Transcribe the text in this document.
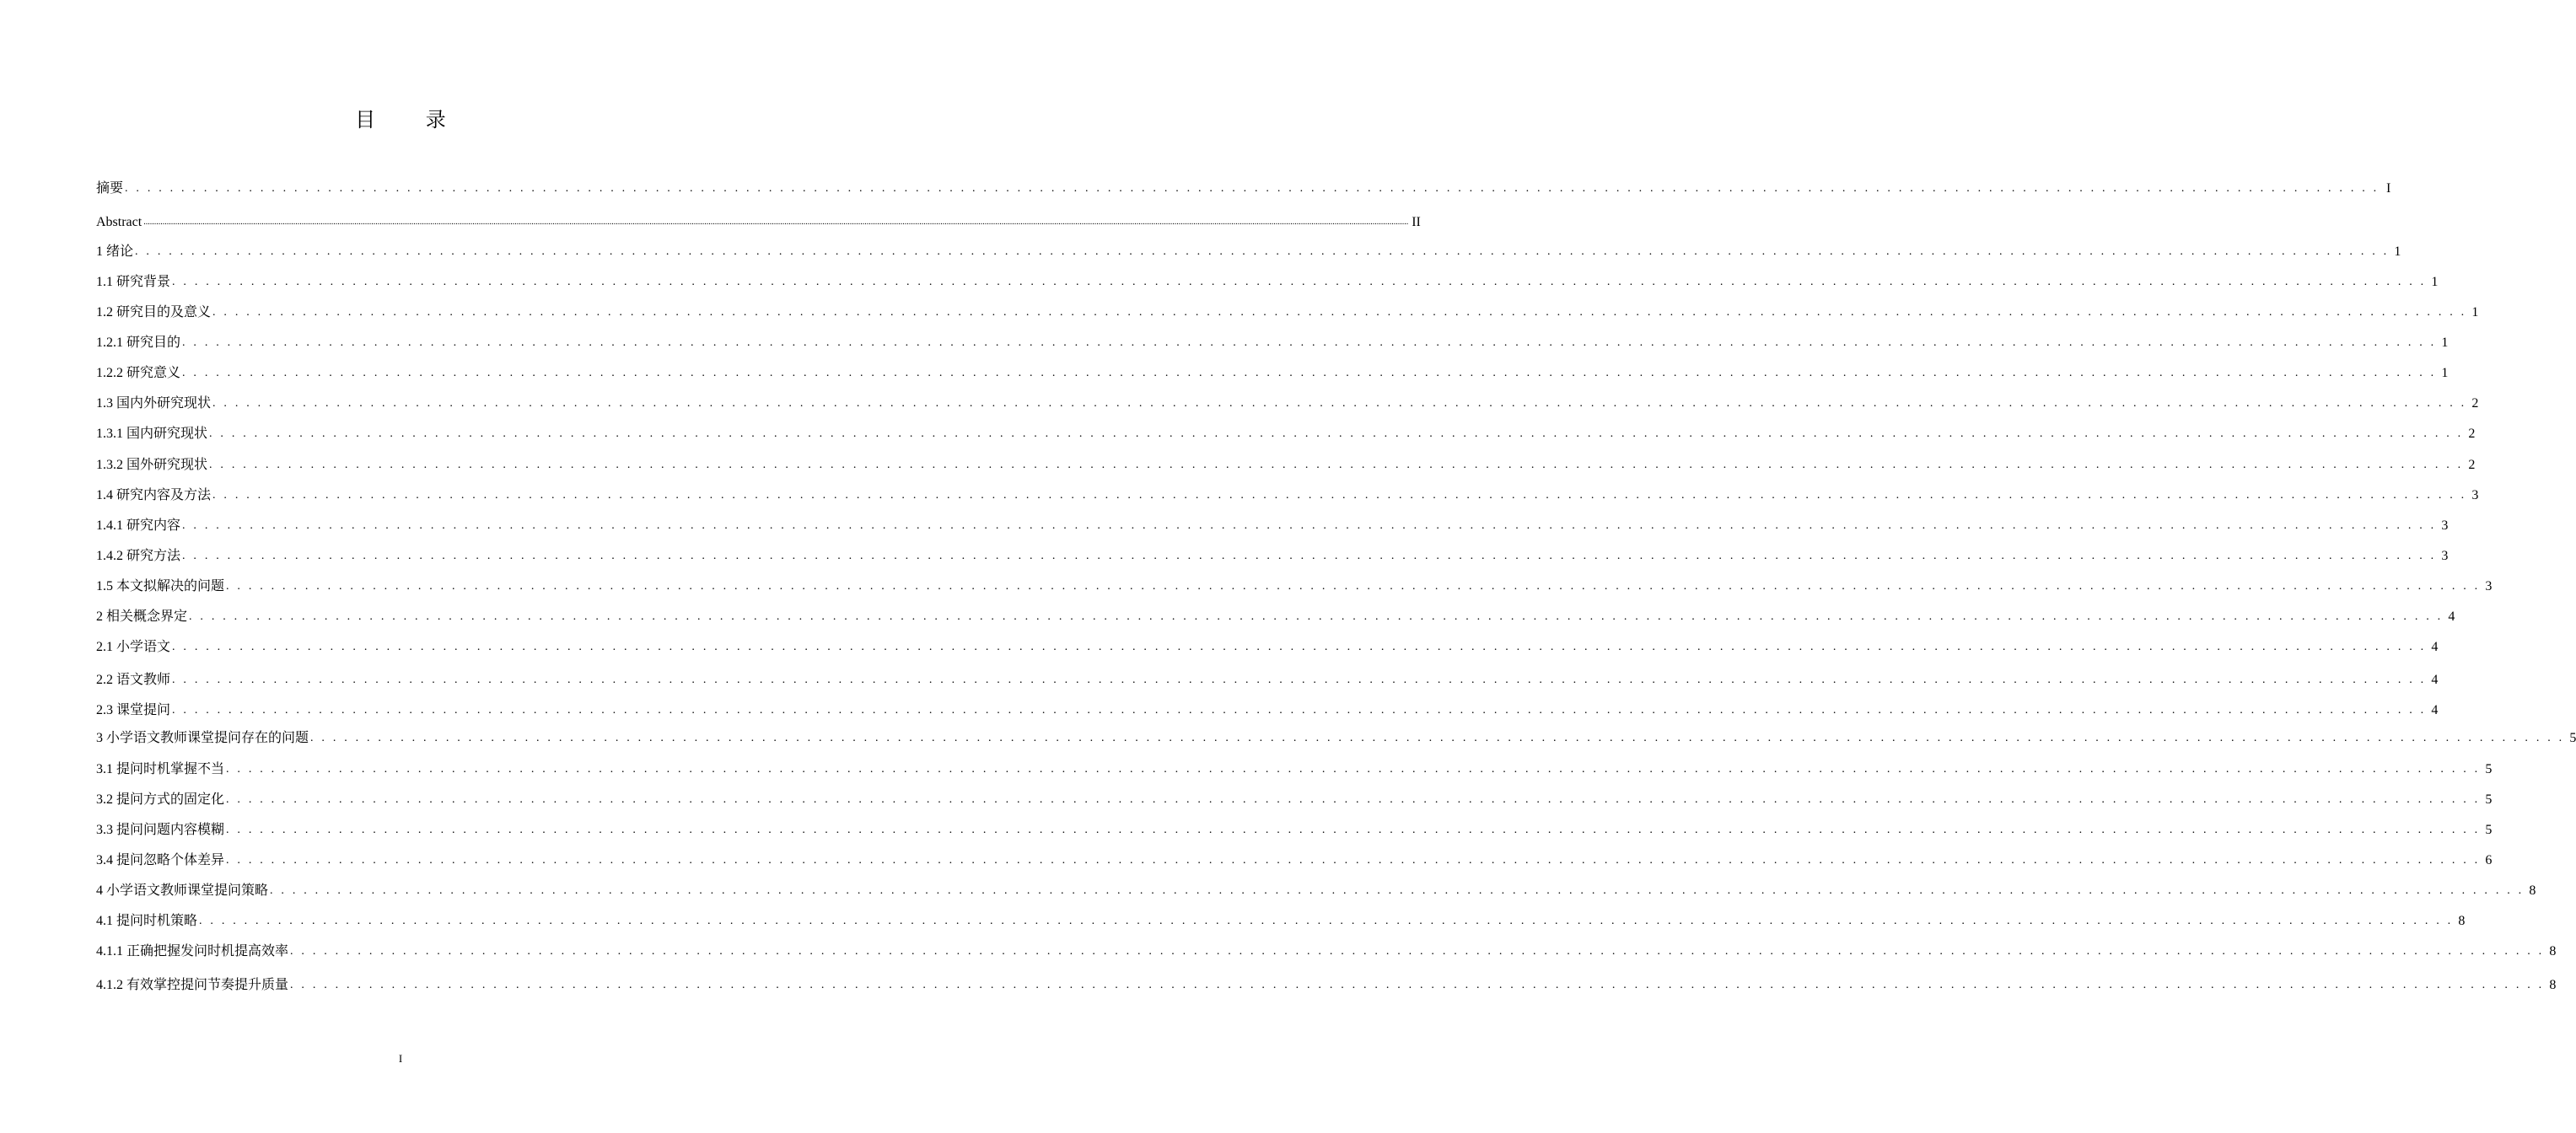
目 录
摘要 . . . . . . . . . . . . . . . . . . . . . . . . . . . . . . . . . . . . . . . . . . . . . . . . . . . . . . . . . . . . . . . . . . . . . . . . . . . . . . . . . . . . . . . . . . . . . . . . . . . . . . . . . . . . . . . . . . . . . . . . . . . . . . . . . . . . . . . . . . . . . . . . . . . . . . . . . . . . . . . . . . . . . . . . . . . . . . . . . . . . . . . . . . . . . . . . . . . . . . . . I
Abstract ........................................................................................................................................................................................................................................................................................................................................................................................................................................................................................................................................................................................................................ II
1 绪论 . . . . . . . . . . . . . . . . . . . . . . . . . . . . . . . . . . . . . . . . . . . . . . . . . . . . . . . . . . . . . . . . . . . . . . . . . . . . . . . . . . . . . . . . . . . . . . . . . . . . . . . . . . . . . . . . . . . . . . . . . . . . . . . . . . . . . . . . . . . . . . . . . . . . . . . . . . . . . . . . . . . . . . . . . . . . . . . . . . . . . . . . . . . . . . . . . . . . . . . . 1
1.1 研究背景 . . . . . . . . . . . . . . . . . . . . . . . . . . . . . . . . . . . . . . . . . . . . . . . . . . . . . . . . . . . . . . . . . . . . . . . . . . . . . . . . . . . . . . . . . . . . . . . . . . . . . . . . . . . . . . . . . . . . . . . . . . . . . . . . . . . . . . . . . . . . . . . . . . . . . . . . . . . . . . . . . . . . . . . . . . . . . . . . . . . . . . . . . . . . . . . . . . . . . . . . 1
1.2 研究目的及意义 . . . . . . . . . . . . . . . . . . . . . . . . . . . . . . . . . . . . . . . . . . . . . . . . . . . . . . . . . . . . . . . . . . . . . . . . . . . . . . . . . . . . . . . . . . . . . . . . . . . . . . . . . . . . . . . . . . . . . . . . . . . . . . . . . . . . . . . . . . . . . . . . . . . . . . . . . . . . . . . . . . . . . . . . . . . . . . . . . . . . . . . . . . . . . . . . . . . . . . . . 1
1.2.1 研究目的 . . . . . . . . . . . . . . . . . . . . . . . . . . . . . . . . . . . . . . . . . . . . . . . . . . . . . . . . . . . . . . . . . . . . . . . . . . . . . . . . . . . . . . . . . . . . . . . . . . . . . . . . . . . . . . . . . . . . . . . . . . . . . . . . . . . . . . . . . . . . . . . . . . . . . . . . . . . . . . . . . . . . . . . . . . . . . . . . . . . . . . . . . . . . . . . . . . . . . . . . 1
1.2.2 研究意义 . . . . . . . . . . . . . . . . . . . . . . . . . . . . . . . . . . . . . . . . . . . . . . . . . . . . . . . . . . . . . . . . . . . . . . . . . . . . . . . . . . . . . . . . . . . . . . . . . . . . . . . . . . . . . . . . . . . . . . . . . . . . . . . . . . . . . . . . . . . . . . . . . . . . . . . . . . . . . . . . . . . . . . . . . . . . . . . . . . . . . . . . . . . . . . . . . . . . . . . . 1
1.3 国内外研究现状 . . . . . . . . . . . . . . . . . . . . . . . . . . . . . . . . . . . . . . . . . . . . . . . . . . . . . . . . . . . . . . . . . . . . . . . . . . . . . . . . . . . . . . . . . . . . . . . . . . . . . . . . . . . . . . . . . . . . . . . . . . . . . . . . . . . . . . . . . . . . . . . . . . . . . . . . . . . . . . . . . . . . . . . . . . . . . . . . . . . . . . . . . . . . . . . . . . . . . . . . 2
1.3.1 国内研究现状 . . . . . . . . . . . . . . . . . . . . . . . . . . . . . . . . . . . . . . . . . . . . . . . . . . . . . . . . . . . . . . . . . . . . . . . . . . . . . . . . . . . . . . . . . . . . . . . . . . . . . . . . . . . . . . . . . . . . . . . . . . . . . . . . . . . . . . . . . . . . . . . . . . . . . . . . . . . . . . . . . . . . . . . . . . . . . . . . . . . . . . . . . . . . . . . . . . . . . . . . 2
1.3.2 国外研究现状 . . . . . . . . . . . . . . . . . . . . . . . . . . . . . . . . . . . . . . . . . . . . . . . . . . . . . . . . . . . . . . . . . . . . . . . . . . . . . . . . . . . . . . . . . . . . . . . . . . . . . . . . . . . . . . . . . . . . . . . . . . . . . . . . . . . . . . . . . . . . . . . . . . . . . . . . . . . . . . . . . . . . . . . . . . . . . . . . . . . . . . . . . . . . . . . . . . . . . . . . 2
1.4 研究内容及方法 . . . . . . . . . . . . . . . . . . . . . . . . . . . . . . . . . . . . . . . . . . . . . . . . . . . . . . . . . . . . . . . . . . . . . . . . . . . . . . . . . . . . . . . . . . . . . . . . . . . . . . . . . . . . . . . . . . . . . . . . . . . . . . . . . . . . . . . . . . . . . . . . . . . . . . . . . . . . . . . . . . . . . . . . . . . . . . . . . . . . . . . . . . . . . . . . . . . . . . . . 3
1.4.1 研究内容 . . . . . . . . . . . . . . . . . . . . . . . . . . . . . . . . . . . . . . . . . . . . . . . . . . . . . . . . . . . . . . . . . . . . . . . . . . . . . . . . . . . . . . . . . . . . . . . . . . . . . . . . . . . . . . . . . . . . . . . . . . . . . . . . . . . . . . . . . . . . . . . . . . . . . . . . . . . . . . . . . . . . . . . . . . . . . . . . . . . . . . . . . . . . . . . . . . . . . . . . 3
1.4.2 研究方法 . . . . . . . . . . . . . . . . . . . . . . . . . . . . . . . . . . . . . . . . . . . . . . . . . . . . . . . . . . . . . . . . . . . . . . . . . . . . . . . . . . . . . . . . . . . . . . . . . . . . . . . . . . . . . . . . . . . . . . . . . . . . . . . . . . . . . . . . . . . . . . . . . . . . . . . . . . . . . . . . . . . . . . . . . . . . . . . . . . . . . . . . . . . . . . . . . . . . . . . . 3
1.5 本文拟解决的问题 . . . . . . . . . . . . . . . . . . . . . . . . . . . . . . . . . . . . . . . . . . . . . . . . . . . . . . . . . . . . . . . . . . . . . . . . . . . . . . . . . . . . . . . . . . . . . . . . . . . . . . . . . . . . . . . . . . . . . . . . . . . . . . . . . . . . . . . . . . . . . . . . . . . . . . . . . . . . . . . . . . . . . . . . . . . . . . . . . . . . . . . . . . . . . . . . . . . . . . . . 3
2 相关概念界定 . . . . . . . . . . . . . . . . . . . . . . . . . . . . . . . . . . . . . . . . . . . . . . . . . . . . . . . . . . . . . . . . . . . . . . . . . . . . . . . . . . . . . . . . . . . . . . . . . . . . . . . . . . . . . . . . . . . . . . . . . . . . . . . . . . . . . . . . . . . . . . . . . . . . . . . . . . . . . . . . . . . . . . . . . . . . . . . . . . . . . . . . . . . . . . . . . . . . . . . . 4
2.1 小学语文 . . . . . . . . . . . . . . . . . . . . . . . . . . . . . . . . . . . . . . . . . . . . . . . . . . . . . . . . . . . . . . . . . . . . . . . . . . . . . . . . . . . . . . . . . . . . . . . . . . . . . . . . . . . . . . . . . . . . . . . . . . . . . . . . . . . . . . . . . . . . . . . . . . . . . . . . . . . . . . . . . . . . . . . . . . . . . . . . . . . . . . . . . . . . . . . . . . . . . . . . 4
2.2 语文教师 . . . . . . . . . . . . . . . . . . . . . . . . . . . . . . . . . . . . . . . . . . . . . . . . . . . . . . . . . . . . . . . . . . . . . . . . . . . . . . . . . . . . . . . . . . . . . . . . . . . . . . . . . . . . . . . . . . . . . . . . . . . . . . . . . . . . . . . . . . . . . . . . . . . . . . . . . . . . . . . . . . . . . . . . . . . . . . . . . . . . . . . . . . . . . . . . . . . . . . . . 4
2.3 课堂提问 . . . . . . . . . . . . . . . . . . . . . . . . . . . . . . . . . . . . . . . . . . . . . . . . . . . . . . . . . . . . . . . . . . . . . . . . . . . . . . . . . . . . . . . . . . . . . . . . . . . . . . . . . . . . . . . . . . . . . . . . . . . . . . . . . . . . . . . . . . . . . . . . . . . . . . . . . . . . . . . . . . . . . . . . . . . . . . . . . . . . . . . . . . . . . . . . . . . . . . . . 4
3 小学语文教师课堂提问存在的问题 . . . . . . . . . . . . . . . . . . . . . . . . . . . . . . . . . . . . . . . . . . . . . . . . . . . . . . . . . . . . . . . . . . . . . . . . . . . . . . . . . . . . . . . . . . . . . . . . . . . . . . . . . . . . . . . . . . . . . . . . . . . . . . . . . . . . . . . . . . . . . . . . . . . . . . . . . . . . . . . . . . . . . . . . . . . . . . . . . . . . . . . . . . . . . . . . . . . . . . . . 5
3.1 提问时机掌握不当 . . . . . . . . . . . . . . . . . . . . . . . . . . . . . . . . . . . . . . . . . . . . . . . . . . . . . . . . . . . . . . . . . . . . . . . . . . . . . . . . . . . . . . . . . . . . . . . . . . . . . . . . . . . . . . . . . . . . . . . . . . . . . . . . . . . . . . . . . . . . . . . . . . . . . . . . . . . . . . . . . . . . . . . . . . . . . . . . . . . . . . . . . . . . . . . . . . . . . . . . 5
3.2 提问方式的固定化 . . . . . . . . . . . . . . . . . . . . . . . . . . . . . . . . . . . . . . . . . . . . . . . . . . . . . . . . . . . . . . . . . . . . . . . . . . . . . . . . . . . . . . . . . . . . . . . . . . . . . . . . . . . . . . . . . . . . . . . . . . . . . . . . . . . . . . . . . . . . . . . . . . . . . . . . . . . . . . . . . . . . . . . . . . . . . . . . . . . . . . . . . . . . . . . . . . . . . . . . 5
3.3 提问问题内容模糊 . . . . . . . . . . . . . . . . . . . . . . . . . . . . . . . . . . . . . . . . . . . . . . . . . . . . . . . . . . . . . . . . . . . . . . . . . . . . . . . . . . . . . . . . . . . . . . . . . . . . . . . . . . . . . . . . . . . . . . . . . . . . . . . . . . . . . . . . . . . . . . . . . . . . . . . . . . . . . . . . . . . . . . . . . . . . . . . . . . . . . . . . . . . . . . . . . . . . . . . . 5
3.4 提问忽略个体差异 . . . . . . . . . . . . . . . . . . . . . . . . . . . . . . . . . . . . . . . . . . . . . . . . . . . . . . . . . . . . . . . . . . . . . . . . . . . . . . . . . . . . . . . . . . . . . . . . . . . . . . . . . . . . . . . . . . . . . . . . . . . . . . . . . . . . . . . . . . . . . . . . . . . . . . . . . . . . . . . . . . . . . . . . . . . . . . . . . . . . . . . . . . . . . . . . . . . . . . . . 6
4 小学语文教师课堂提问策略 . . . . . . . . . . . . . . . . . . . . . . . . . . . . . . . . . . . . . . . . . . . . . . . . . . . . . . . . . . . . . . . . . . . . . . . . . . . . . . . . . . . . . . . . . . . . . . . . . . . . . . . . . . . . . . . . . . . . . . . . . . . . . . . . . . . . . . . . . . . . . . . . . . . . . . . . . . . . . . . . . . . . . . . . . . . . . . . . . . . . . . . . . . . . . . . . . . . . . . . . 8
4.1 提问时机策略 . . . . . . . . . . . . . . . . . . . . . . . . . . . . . . . . . . . . . . . . . . . . . . . . . . . . . . . . . . . . . . . . . . . . . . . . . . . . . . . . . . . . . . . . . . . . . . . . . . . . . . . . . . . . . . . . . . . . . . . . . . . . . . . . . . . . . . . . . . . . . . . . . . . . . . . . . . . . . . . . . . . . . . . . . . . . . . . . . . . . . . . . . . . . . . . . . . . . . . . . 8
4.1.1 正确把握发问时机提高效率 . . . . . . . . . . . . . . . . . . . . . . . . . . . . . . . . . . . . . . . . . . . . . . . . . . . . . . . . . . . . . . . . . . . . . . . . . . . . . . . . . . . . . . . . . . . . . . . . . . . . . . . . . . . . . . . . . . . . . . . . . . . . . . . . . . . . . . . . . . . . . . . . . . . . . . . . . . . . . . . . . . . . . . . . . . . . . . . . . . . . . . . . . . . . . . . . . . . . . . . . 8
4.1.2 有效掌控提问节奏提升质量 . . . . . . . . . . . . . . . . . . . . . . . . . . . . . . . . . . . . . . . . . . . . . . . . . . . . . . . . . . . . . . . . . . . . . . . . . . . . . . . . . . . . . . . . . . . . . . . . . . . . . . . . . . . . . . . . . . . . . . . . . . . . . . . . . . . . . . . . . . . . . . . . . . . . . . . . . . . . . . . . . . . . . . . . . . . . . . . . . . . . . . . . . . . . . . . . . . . . . . . . 8
I
